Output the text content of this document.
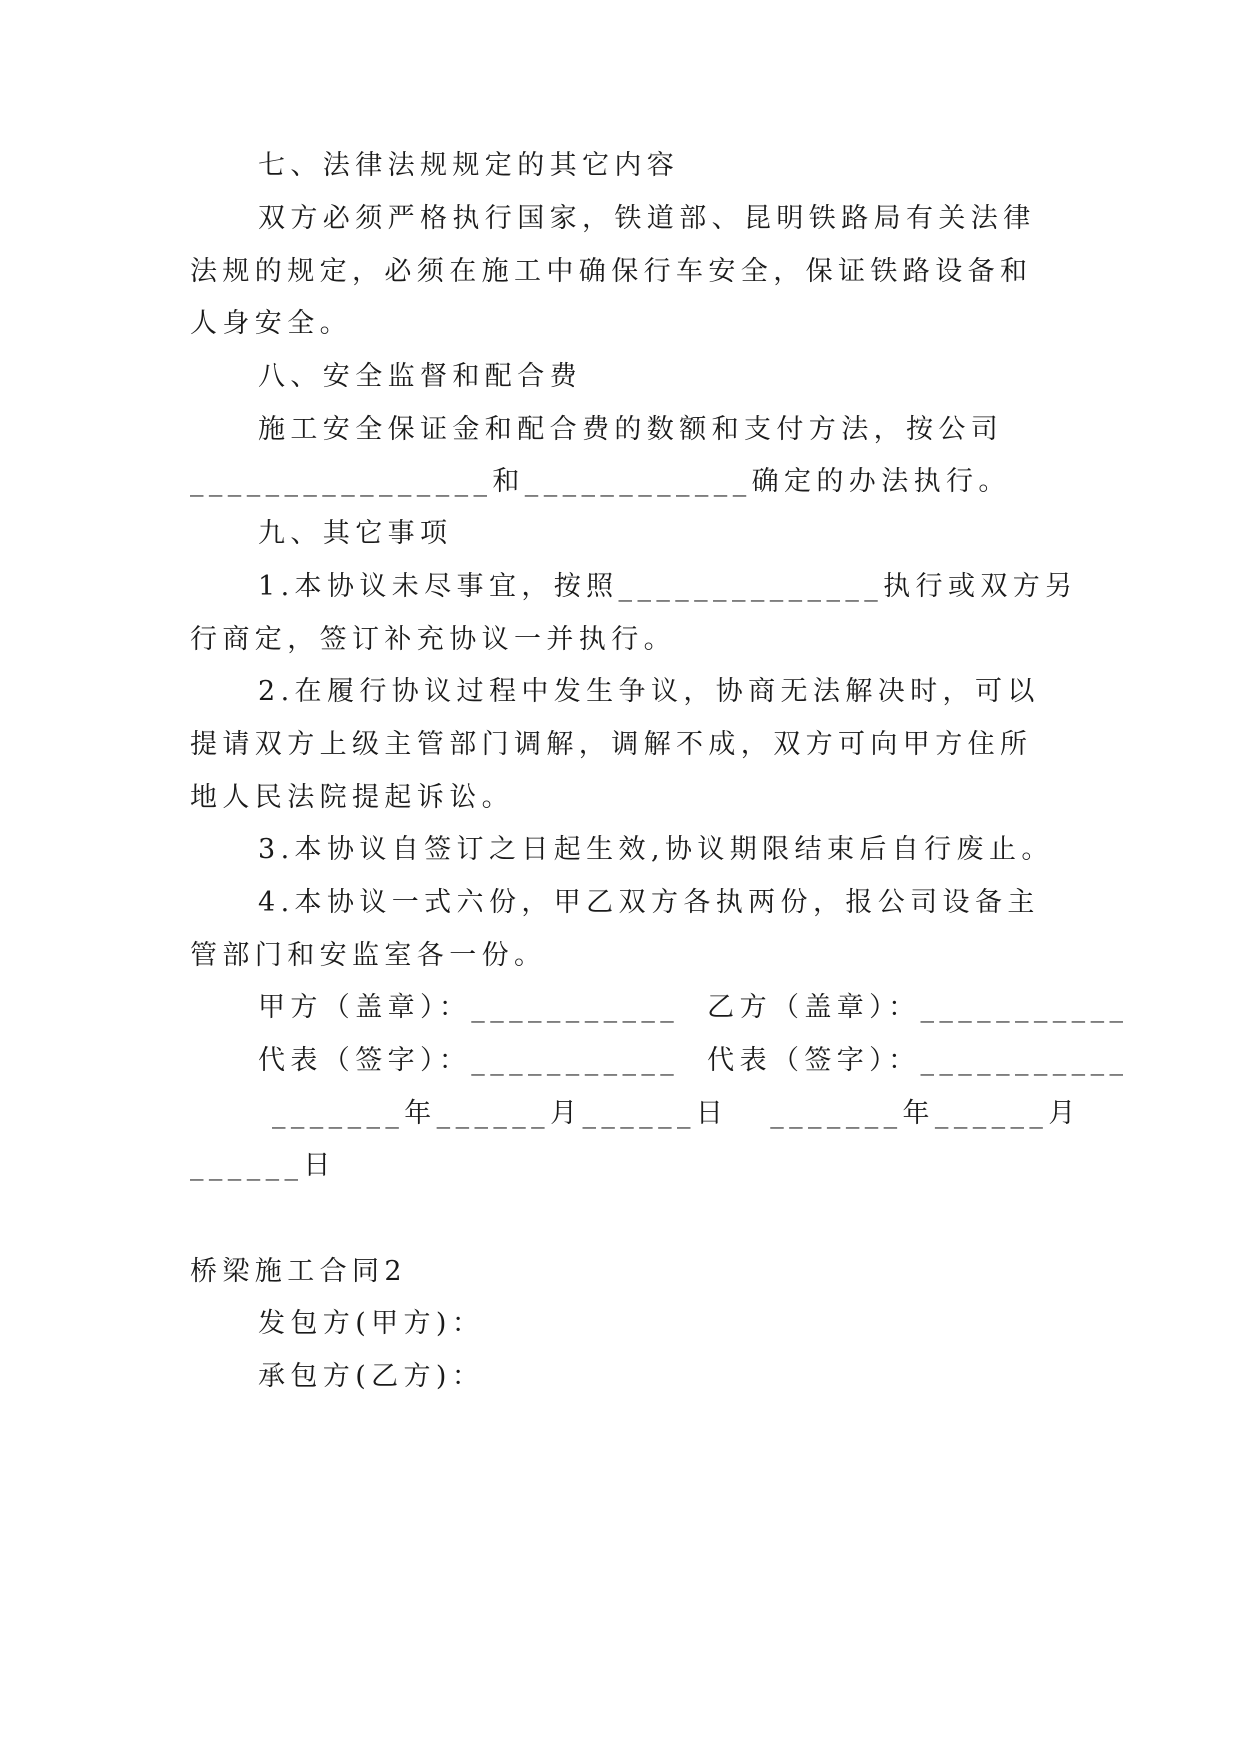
七、法律法规规定的其它内容
双方必须严格执行国家，铁道部、昆明铁路局有关法律
法规的规定，必须在施工中确保行车安全，保证铁路设备和
人身安全。
八、安全监督和配合费
施工安全保证金和配合费的数额和支付方法，按公司
________________和____________确定的办法执行。
九、其它事项
1.本协议未尽事宜，按照______________执行或双方另
行商定，签订补充协议一并执行。
2.在履行协议过程中发生争议，协商无法解决时，可以
提请双方上级主管部门调解，调解不成，双方可向甲方住所
地人民法院提起诉讼。
3.本协议自签订之日起生效,协议期限结束后自行废止。
4.本协议一式六份，甲乙双方各执两份，报公司设备主
管部门和安监室各一份。
甲方（盖章）：___________  乙方（盖章）：___________
代表（签字）：___________  代表（签字）：___________
_______年______月______日   _______年______月
______日
桥梁施工合同2
发包方(甲方)：
承包方(乙方)：
